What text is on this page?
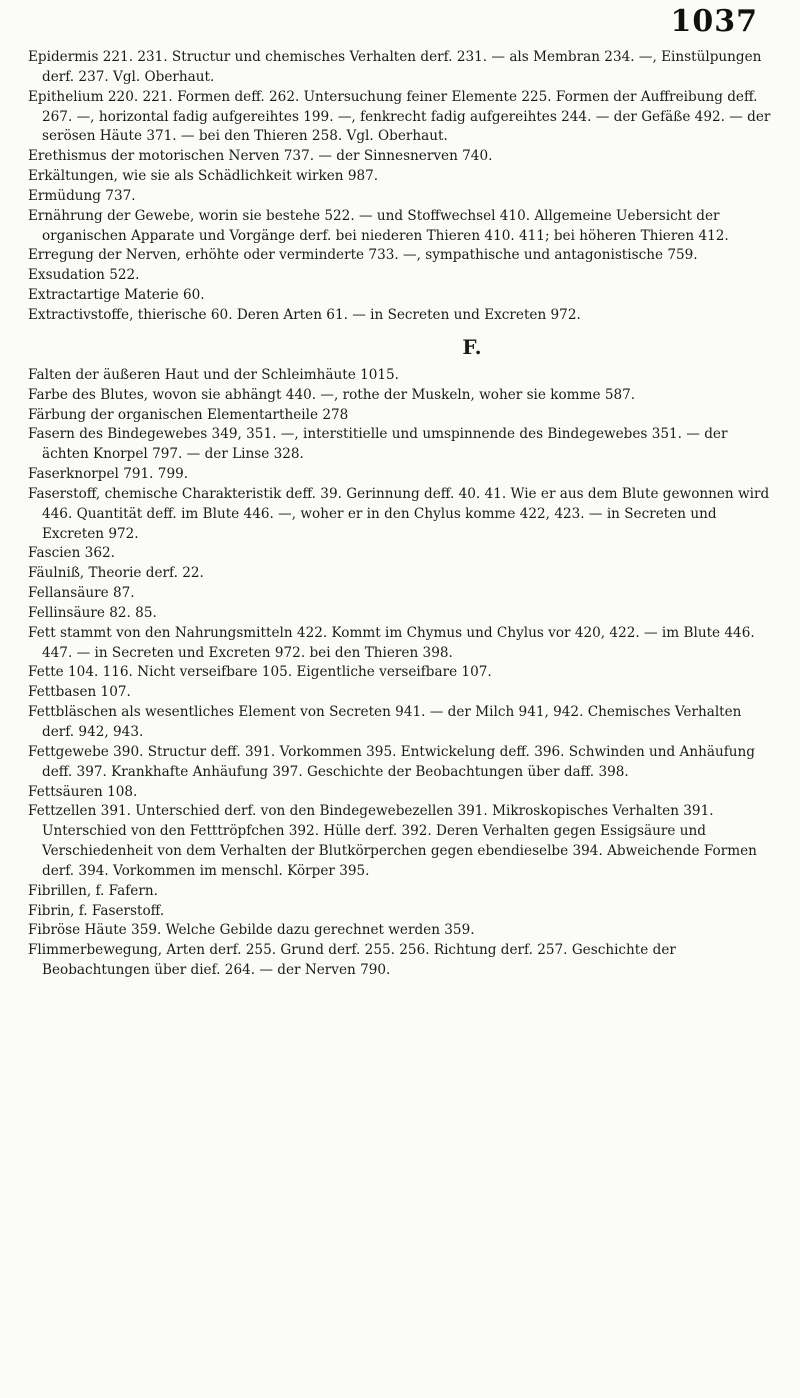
1037

Epidermis 221. 231. Structur und chemisches Verhalten derf. 231. — als Membran 234. —, Einstülpungen derf. 237. Vgl. Oberhaut.

Epithelium 220. 221. Formen deff. 262. Untersuchung feiner Elemente 225. Formen der Auffreibung deff. 267. —, horizontal fadig aufgereihtes 199. —, fenkrecht fadig aufgereihtes 244. — der Gefäße 492. — der serösen Häute 371. — bei den Thieren 258. Vgl. Oberhaut.

Erethismus der motorischen Nerven 737. — der Sinnesnerven 740.

Erkältungen, wie sie als Schädlichkeit wirken 987.

Ermüdung 737.

Ernährung der Gewebe, worin sie bestehe 522. — und Stoffwechsel 410. Allgemeine Uebersicht der organischen Apparate und Vorgänge derf. bei niederen Thieren 410. 411; bei höheren Thieren 412.

Erregung der Nerven, erhöhte oder verminderte 733. —, sympathische und antagonistische 759.

Exsudation 522.

Extractartige Materie 60.

Extractivstoffe, thierische 60. Deren Arten 61. — in Secreten und Excreten 972.

F.

Falten der äußeren Haut und der Schleimhäute 1015.

Farbe des Blutes, wovon sie abhängt 440. —, rothe der Muskeln, woher sie komme 587.

Färbung der organischen Elementartheile 278

Fasern des Bindegewebes 349, 351. —, interstitielle und umspinnende des Bindegewebes 351. — der ächten Knorpel 797. — der Linse 328.

Faserknorpel 791. 799.

Faserstoff, chemische Charakteristik deff. 39. Gerinnung deff. 40. 41. Wie er aus dem Blute gewonnen wird 446. Quantität deff. im Blute 446. —, woher er in den Chylus komme 422, 423. — in Secreten und Excreten 972.

Fascien 362.

Fäulniß, Theorie derf. 22.

Fellansäure 87.

Fellinsäure 82. 85.

Fett stammt von den Nahrungsmitteln 422. Kommt im Chymus und Chylus vor 420, 422. — im Blute 446. 447. — in Secreten und Excreten 972. bei den Thieren 398.

Fette 104. 116. Nicht verseifbare 105. Eigentliche verseifbare 107.

Fettbasen 107.

Fettbläschen als wesentliches Element von Secreten 941. — der Milch 941, 942. Chemisches Verhalten derf. 942, 943.

Fettgewebe 390. Structur deff. 391. Vorkommen 395. Entwickelung deff. 396. Schwinden und Anhäufung deff. 397. Krankhafte Anhäufung 397. Geschichte der Beobachtungen über daff. 398.

Fettsäuren 108.

Fettzellen 391. Unterschied derf. von den Bindegewebezellen 391. Mikroskopisches Verhalten 391. Unterschied von den Fetttröpfchen 392. Hülle derf. 392. Deren Verhalten gegen Essigsäure und Verschiedenheit von dem Verhalten der Blutkörperchen gegen ebendieselbe 394. Abweichende Formen derf. 394. Vorkommen im menschl. Körper 395.

Fibrillen, f. Fafern.

Fibrin, f. Faserstoff.

Fibröse Häute 359. Welche Gebilde dazu gerechnet werden 359.

Flimmerbewegung, Arten derf. 255. Grund derf. 255. 256. Richtung derf. 257. Geschichte der Beobachtungen über dief. 264. — der Nerven 790.
